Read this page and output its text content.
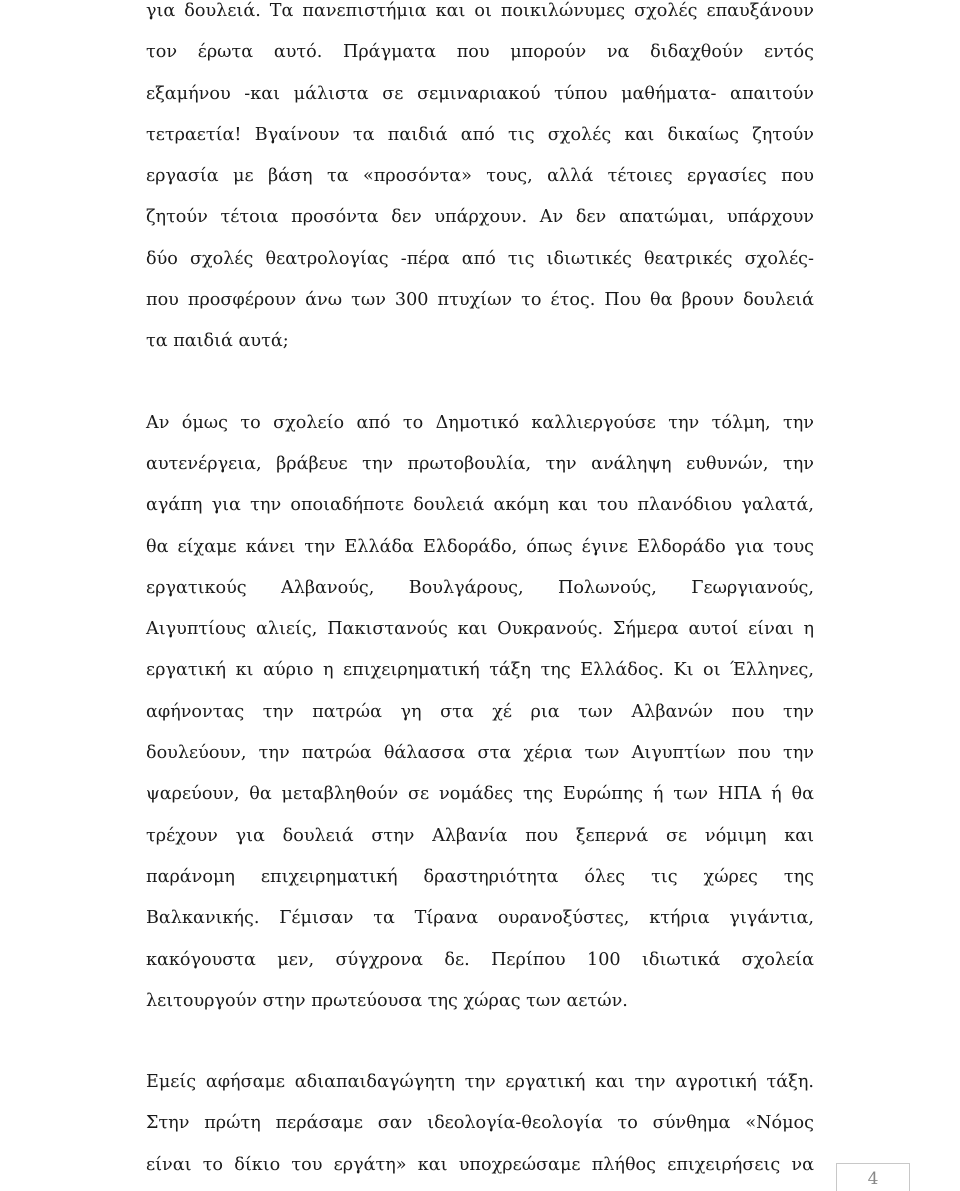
για δουλειά. Τα πανεπιστήμια και οι ποικιλώνυμες σχολές επαυξάνουν
τον έρωτα αυτό. Πράγματα που μπορούν να διδαχθούν εντός
εξαμήνου -και μάλιστα σε σεμιναριακού τύπου μαθήματα- απαιτούν
τετραετία! Βγαίνουν τα παιδιά από τις σχολές και δικαίως ζητούν
εργασία με βάση τα «προσόντα» τους, αλλά τέτοιες εργασίες που
ζητούν τέτοια προσόντα δεν υπάρχουν. Αν δεν απατώμαι, υπάρχουν
δύο σχολές θεατρολογίας -πέρα από τις ιδιωτικές θεατρικές σχολές-
που προσφέρουν άνω των 300 πτυχίων το έτος. Που θα βρουν δουλειά
τα παιδιά αυτά;
Αν όμως το σχολείο από το Δημοτικό καλλιεργούσε την τόλμη, την
αυτενέργεια, βράβευε την πρωτοβουλία, την ανάληψη ευθυνών, την
αγάπη για την οποιαδήποτε δουλειά ακόμη και του πλανόδιου γαλατά,
θα είχαμε κάνει την Ελλάδα Ελδοράδο, όπως έγινε Ελδοράδο για τους
εργατικούς Αλβανούς, Βουλγάρους, Πολωνούς, Γεωργιανούς,
Αιγυπτίους αλιείς, Πακιστανούς και Ουκρανούς. Σήμερα αυτοί είναι η
εργατική κι αύριο η επιχειρηματική τάξη της Ελλάδος. Κι οι Έλληνες,
αφήνοντας την πατρώα γη στα χέ ρια των Αλβανών που την
δουλεύουν, την πατρώα θάλασσα στα χέρια των Αιγυπτίων που την
ψαρεύουν, θα μεταβληθούν σε νομάδες της Ευρώπης ή των ΗΠΑ ή θα
τρέχουν για δουλειά στην Αλβανία που ξεπερνά σε νόμιμη και
παράνομη επιχειρηματική δραστηριότητα όλες τις χώρες της
Βαλκανικής. Γέμισαν τα Τίρανα ουρανοξύστες, κτήρια γιγάντια,
κακόγουστα μεν, σύγχρονα δε. Περίπου 100 ιδιωτικά σχολεία
λειτουργούν στην πρωτεύουσα της χώρας των αετών.
Εμείς αφήσαμε αδιαπαιδαγώγητη την εργατική και την αγροτική τάξη.
Στην πρώτη περάσαμε σαν ιδεολογία-θεολογία το σύνθημα «Νόμος
είναι το δίκιο του εργάτη» και υποχρεώσαμε πλήθος επιχειρήσεις να
4
